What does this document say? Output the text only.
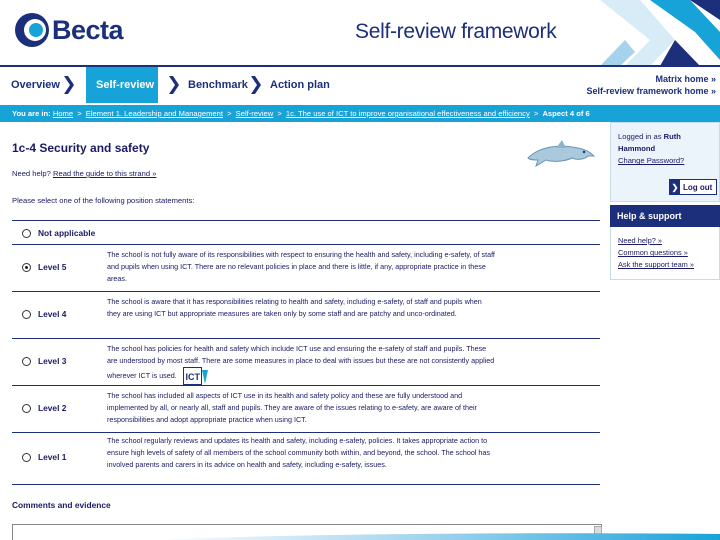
Becta	Self-review framework
Overview	Self-review	Benchmark Action plan	Matrix home »
Self-review framework home »
You are in: Home > Element 1. Leadership and Management > Self-review > 1c. The use of ICT to improve organisational effectiveness and efficiency > Aspect 4 of 6
1c-4 Security and safety
Need help? Read the guide to this strand »
Please select one of the following position statements:
Not applicable
Level 5
The school is not fully aware of its responsibilities with respect to ensuring the health and safety, including e-safety, of staff and pupils when using ICT. There are no relevant policies in place and there is little, if any, appropriate practice in these areas.
Level 4
The school is aware that it has responsibilities relating to health and safety, including e-safety, of staff and pupils when they are using ICT but appropriate measures are taken only by some staff and are patchy and unco-ordinated.
Level 3
The school has policies for health and safety which include ICT use and ensuring the e-safety of staff and pupils. These are understood by most staff. There are some measures in place to deal with issues but these are not consistently applied wherever ICT is used. ICT
Level 2
The school has included all aspects of ICT use in its health and safety policy and these are fully understood and implemented by all, or nearly all, staff and pupils. They are aware of the issues relating to e-safety, are aware of their responsibilities and adopt appropriate practice when using ICT.
Level 1
The school regularly reviews and updates its health and safety, including e-safety, policies. It takes appropriate action to ensure high levels of safety of all members of the school community both within, and beyond, the school. The school has involved parents and carers in its advice on health and safety, including e-safety, issues.
Comments and evidence
Logged in as Ruth Hammond
Change Password?
❯ Log out
Help & support
Need help? »
Common questions »
Ask the support team »
